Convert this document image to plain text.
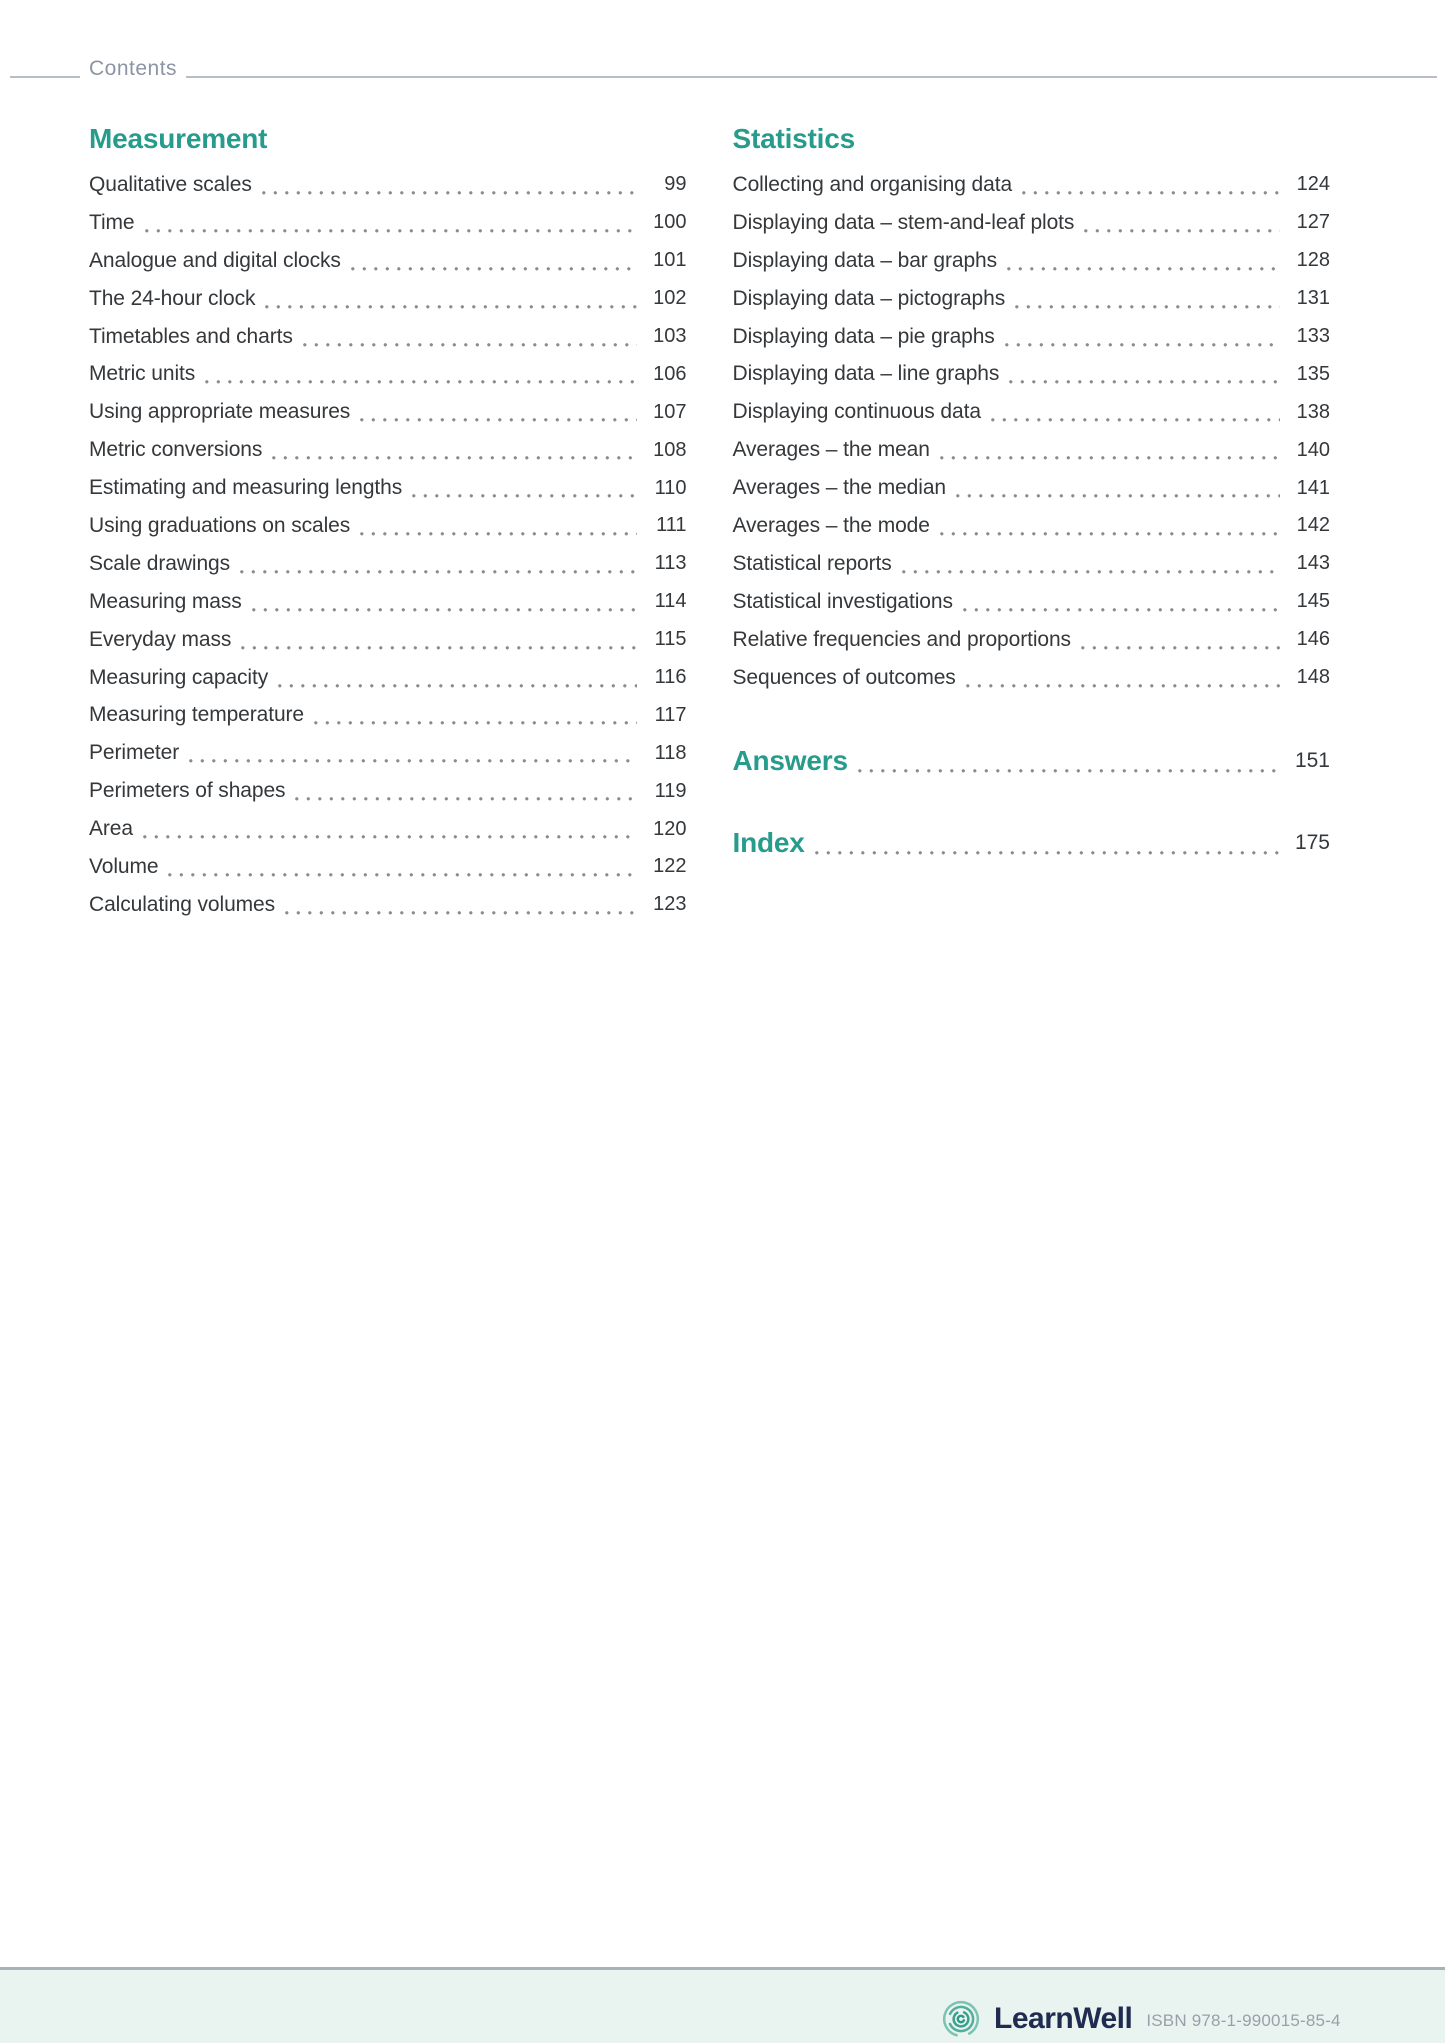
Contents
Measurement
Qualitative scales	99
Time	100
Analogue and digital clocks	101
The 24-hour clock	102
Timetables and charts	103
Metric units	106
Using appropriate measures	107
Metric conversions	108
Estimating and measuring lengths	110
Using graduations on scales	111
Scale drawings	113
Measuring mass	114
Everyday mass	115
Measuring capacity	116
Measuring temperature	117
Perimeter	118
Perimeters of shapes	119
Area	120
Volume	122
Calculating volumes	123
Statistics
Collecting and organising data	124
Displaying data – stem-and-leaf plots	127
Displaying data – bar graphs	128
Displaying data – pictographs	131
Displaying data – pie graphs	133
Displaying data – line graphs	135
Displaying continuous data	138
Averages – the mean	140
Averages – the median	141
Averages – the mode	142
Statistical reports	143
Statistical investigations	145
Relative frequencies and proportions	146
Sequences of outcomes	148
Answers	151
Index	175
LearnWell ISBN 978-1-990015-85-4
